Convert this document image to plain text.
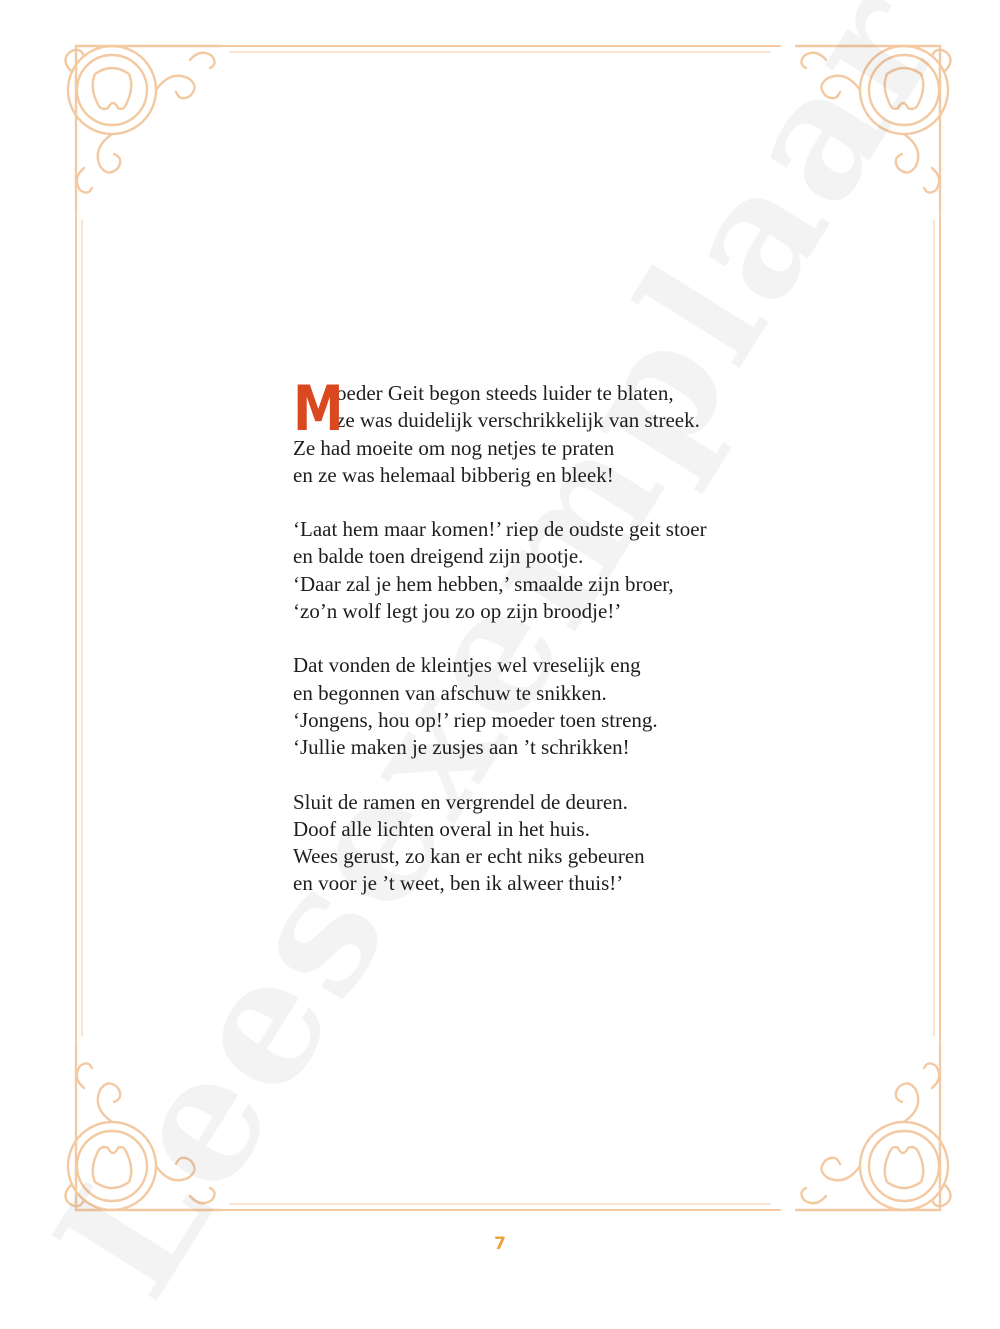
M
oeder Geit begon steeds luider te blaten,
ze was duidelijk verschrikkelijk van streek.
Ze had moeite om nog netjes te praten
en ze was helemaal bibberig en bleek!
‘Laat hem maar komen!’ riep de oudste geit stoer
en balde toen dreigend zijn pootje.
‘Daar zal je hem hebben,’ smaalde zijn broer,
‘zo’n wolf legt jou zo op zijn broodje!’
Dat vonden de kleintjes wel vreselijk eng
en begonnen van afschuw te snikken.
‘Jongens, hou op!’ riep moeder toen streng.
‘Jullie maken je zusjes aan ’t schrikken!
Sluit de ramen en vergrendel de deuren.
Doof alle lichten overal in het huis.
Wees gerust, zo kan er echt niks gebeuren
en voor je ’t weet, ben ik alweer thuis!’
7
